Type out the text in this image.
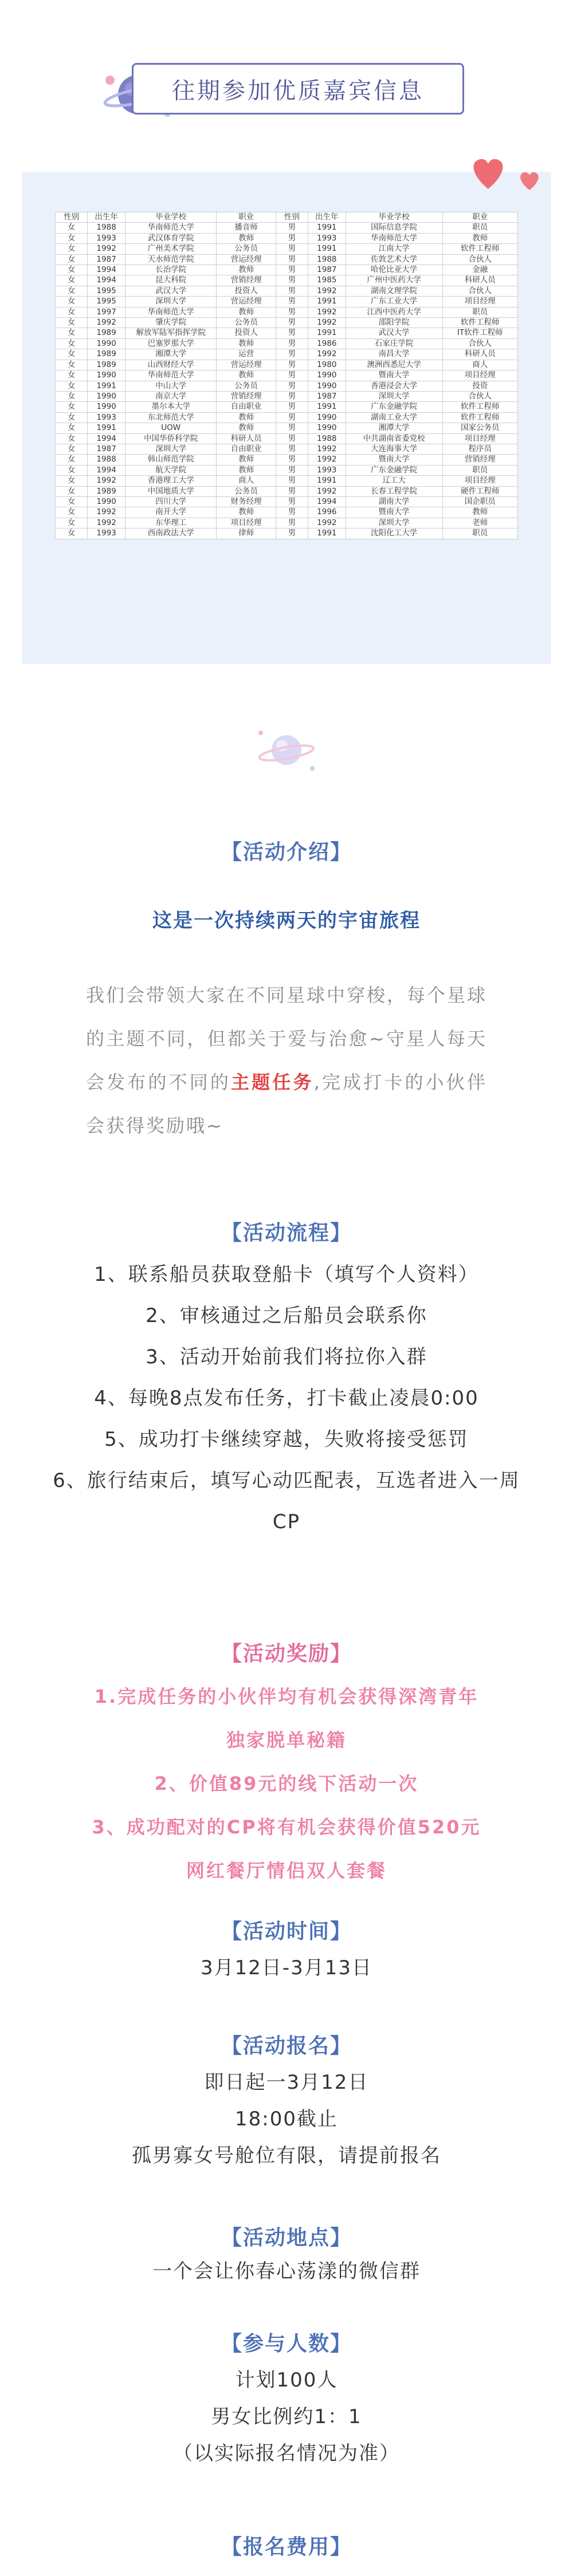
往期参加优质嘉宾信息
性别	出生年	毕业学校	职业	性别	出生年	毕业学校	职业
女	1988	华南师范大学	播音师	男	1991	国际信息学院	职员
女	1993	武汉体育学院	教师	男	1993	华南师范大学	教师
女	1992	广州美术学院	公务员	男	1991	江南大学	软件工程师
女	1987	天水师范学院	营运经理	男	1988	佐敦艺术大学	合伙人
女	1994	长治学院	教师	男	1987	哈伦比亚大学	金融
女	1994	昆大科院	营销经理	男	1985	广州中医药大学	科研人员
女	1995	武汉大学	投资人	男	1992	湖南文理学院	合伙人
女	1995	深圳大学	营运经理	男	1991	广东工业大学	项目经理
女	1997	华南师范大学	教师	男	1992	江西中医药大学	职员
女	1992	肇庆学院	公务员	男	1992	邵阳学院	软件工程师
女	1989	解放军陆军指挥学院	投资人	男	1991	武汉大学	IT软件工程师
女	1990	巴塞罗那大学	教师	男	1986	石家庄学院	合伙人
女	1989	湘潭大学	运营	男	1992	南昌大学	科研人员
女	1989	山西财经大学	营运经理	男	1980	澳洲西悉尼大学	商人
女	1990	华南师范大学	教师	男	1990	暨南大学	项目经理
女	1991	中山大学	公务员	男	1990	香港浸会大学	投资
女	1990	南京大学	营销经理	男	1987	深圳大学	合伙人
女	1990	墨尔本大学	自由职业	男	1991	广东金融学院	软件工程师
女	1993	东北师范大学	教师	男	1990	湖南工业大学	软件工程师
女	1991	UOW	教师	男	1990	湘潭大学	国家公务员
女	1994	中国华侨科学院	科研人员	男	1988	中共湖南省委党校	项目经理
女	1987	深圳大学	自由职业	男	1992	大连海事大学	程序员
女	1988	韩山师范学院	教师	男	1992	暨南大学	营销经理
女	1994	航天学院	教师	男	1993	广东金融学院	职员
女	1992	香港理工大学	商人	男	1991	辽工大	项目经理
女	1989	中国地质大学	公务员	男	1992	长春工程学院	硬件工程师
女	1990	四川大学	财务经理	男	1994	湖南大学	国企职员
女	1992	南开大学	教师	男	1996	暨南大学	教师
女	1992	东华理工	项目经理	男	1992	深圳大学	老师
女	1993	西南政法大学	律师	男	1991	沈阳化工大学	职员
【活动介绍】
这是一次持续两天的宇宙旅程
我们会带领大家在不同星球中穿梭，每个星球的主题不同，但都关于爱与治愈~守星人每天会发布的不同的主题任务,完成打卡的小伙伴会获得奖励哦~
【活动流程】
1、联系船员获取登船卡（填写个人资料）
2、审核通过之后船员会联系你
3、活动开始前我们将拉你入群
4、每晚8点发布任务，打卡截止凌晨0:00
5、成功打卡继续穿越，失败将接受惩罚
6、旅行结束后，填写心动匹配表，互选者进入一周
CP
【活动奖励】
1.完成任务的小伙伴均有机会获得深湾青年
独家脱单秘籍
2、价值89元的线下活动一次
3、成功配对的CP将有机会获得价值520元
网红餐厅情侣双人套餐
【活动时间】
3月12日-3月13日
【活动报名】
即日起一3月12日
18:00截止
孤男寡女号舱位有限，请提前报名
【活动地点】
一个会让你春心荡漾的微信群
【参与人数】
计划100人
男女比例约1：1
（以实际报名情况为准）
【报名费用】
